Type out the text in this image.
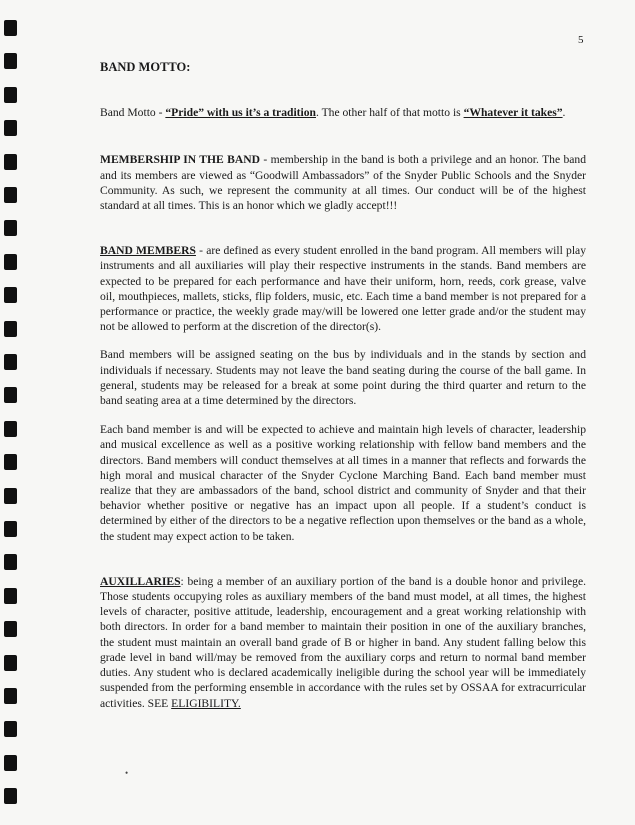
5

BAND MOTTO:

Band Motto - “Pride” with us it’s a tradition. The other half of that motto is “Whatever it takes”.

MEMBERSHIP IN THE BAND - membership in the band is both a privilege and an honor. The band and its members are viewed as “Goodwill Ambassadors” of the Snyder Public Schools and the Snyder Community. As such, we represent the community at all times. Our conduct will be of the highest standard at all times. This is an honor which we gladly accept!!!

BAND MEMBERS - are defined as every student enrolled in the band program. All members will play instruments and all auxiliaries will play their respective instruments in the stands. Band members are expected to be prepared for each performance and have their uniform, horn, reeds, cork grease, valve oil, mouthpieces, mallets, sticks, flip folders, music, etc. Each time a band member is not prepared for a performance or practice, the weekly grade may/will be lowered one letter grade and/or the student may not be allowed to perform at the discretion of the director(s).

Band members will be assigned seating on the bus by individuals and in the stands by section and individuals if necessary. Students may not leave the band seating during the course of the ball game. In general, students may be released for a break at some point during the third quarter and return to the band seating area at a time determined by the directors.

Each band member is and will be expected to achieve and maintain high levels of character, leadership and musical excellence as well as a positive working relationship with fellow band members and the directors. Band members will conduct themselves at all times in a manner that reflects and forwards the high moral and musical character of the Snyder Cyclone Marching Band. Each band member must realize that they are ambassadors of the band, school district and community of Snyder and that their behavior whether positive or negative has an impact upon all people. If a student’s conduct is determined by either of the directors to be a negative reflection upon themselves or the band as a whole, the student may expect action to be taken.

AUXILLARIES: being a member of an auxiliary portion of the band is a double honor and privilege. Those students occupying roles as auxiliary members of the band must model, at all times, the highest levels of character, positive attitude, leadership, encouragement and a great working relationship with both directors. In order for a band member to maintain their position in one of the auxiliary branches, the student must maintain an overall band grade of B or higher in band. Any student falling below this grade level in band will/may be removed from the auxiliary corps and return to normal band member duties. Any student who is declared academically ineligible during the school year will be immediately suspended from the performing ensemble in accordance with the rules set by OSSAA for extracurricular activities. SEE ELIGIBILITY.

•
